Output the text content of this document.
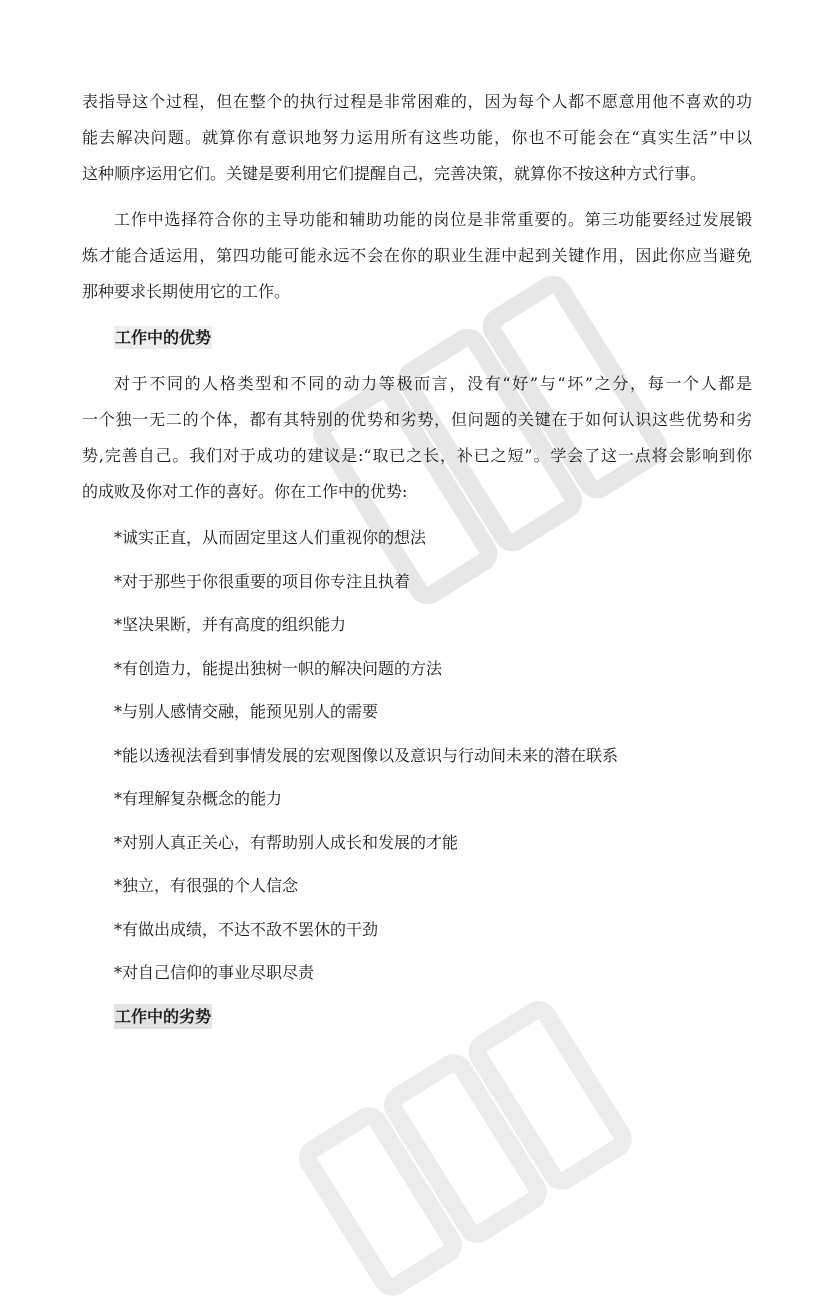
表指导这个过程，但在整个的执行过程是非常困难的，因为每个人都不愿意用他不喜欢的功
能去解决问题。就算你有意识地努力运用所有这些功能，你也不可能会在“真实生活”中以
这种顺序运用它们。关键是要利用它们提醒自己，完善决策，就算你不按这种方式行事。

工作中选择符合你的主导功能和辅助功能的岗位是非常重要的。第三功能要经过发展锻
炼才能合适运用，第四功能可能永远不会在你的职业生涯中起到关键作用，因此你应当避免
那种要求长期使用它的工作。

工作中的优势

对于不同的人格类型和不同的动力等极而言，没有“好”与“坏”之分，每一个人都是
一个独一无二的个体，都有其特别的优势和劣势，但问题的关键在于如何认识这些优势和劣
势,完善自己。我们对于成功的建议是:“取已之长，补已之短”。学会了这一点将会影响到你
的成败及你对工作的喜好。你在工作中的优势:

*诚实正直，从而固定里这人们重视你的想法
*对于那些于你很重要的项目你专注且执着
*坚决果断，并有高度的组织能力
*有创造力，能提出独树一帜的解决问题的方法
*与别人感情交融，能预见别人的需要
*能以透视法看到事情发展的宏观图像以及意识与行动间未来的潜在联系
*有理解复杂概念的能力
*对别人真正关心，有帮助别人成长和发展的才能
*独立，有很强的个人信念
*有做出成绩，不达不敌不罢休的干劲
*对自己信仰的事业尽职尽责
工作中的劣势
